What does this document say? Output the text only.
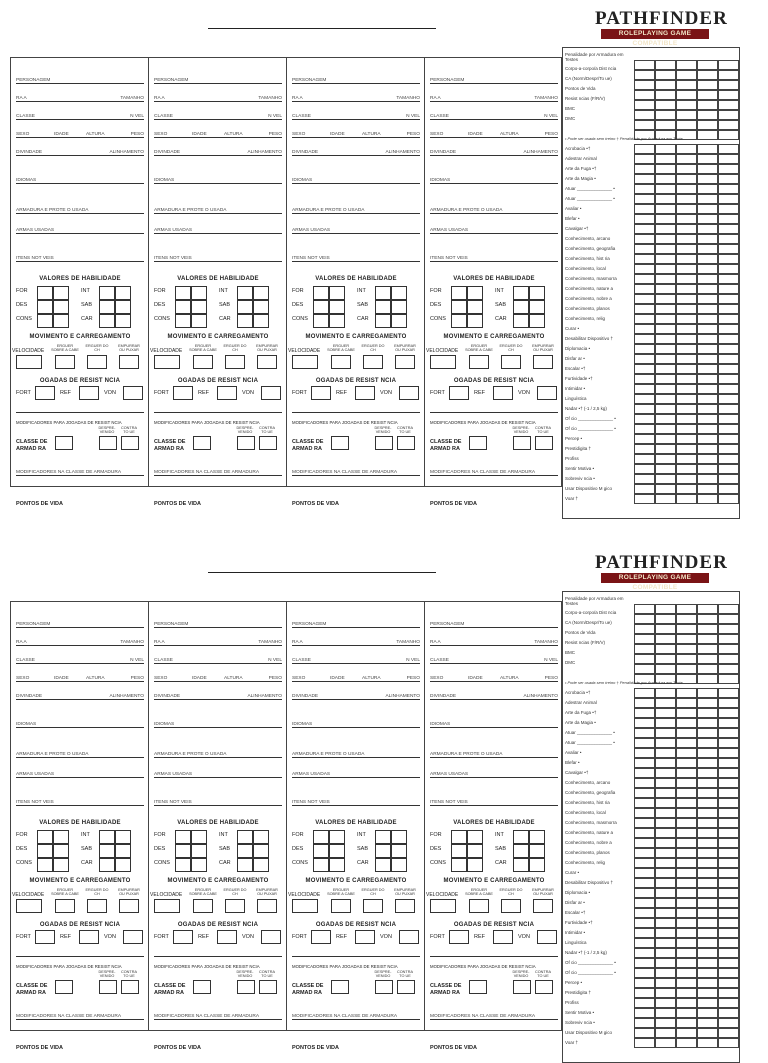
PATHFINDER
ROLEPLAYING GAME COMPATIBLE
PERSONAGEM
RA A	TAMANHO
CLASSE	N VEL
SEXO	IDADE	ALTURA	PESO
DIVINDADE	ALINHAMENTO
IDIOMAS
ARMADURA E PROTE O USADA
ARMAS USADAS
ITENS NOT VEIS
VALORES DE HABILIDADE
FOR
DES
CONS
INT
SAB
CAR
MOVIMENTO E CARREGAMENTO
VELOCIDADE
ERGUER SOBRE A CABE
ERGUER DO CH
EMPURRAR OU PUXAR
OGADAS DE RESIST NCIA
FORT	REF	VON
MODIFICADORES PARA JOGADAS DE RESIST NCIA
CLASSE DE
ARMAD RA
DESPRE- VENIDO
CONTRA TO UE
MODIFICADORES NA CLASSE DE ARMADURA
PONTOS DE VIDA
PERSONAGEM
RA A	TAMANHO
CLASSE	N VEL
SEXO	IDADE	ALTURA	PESO
DIVINDADE	ALINHAMENTO
IDIOMAS
ARMADURA E PROTE O USADA
ARMAS USADAS
ITENS NOT VEIS
VALORES DE HABILIDADE
FOR
DES
CONS
INT
SAB
CAR
MOVIMENTO E CARREGAMENTO
VELOCIDADE
ERGUER SOBRE A CABE
ERGUER DO CH
EMPURRAR OU PUXAR
OGADAS DE RESIST NCIA
FORT	REF	VON
MODIFICADORES PARA JOGADAS DE RESIST NCIA
CLASSE DE
ARMAD RA
DESPRE- VENIDO
CONTRA TO UE
MODIFICADORES NA CLASSE DE ARMADURA
PONTOS DE VIDA
PERSONAGEM
RA A	TAMANHO
CLASSE	N VEL
SEXO	IDADE	ALTURA	PESO
DIVINDADE	ALINHAMENTO
IDIOMAS
ARMADURA E PROTE O USADA
ARMAS USADAS
ITENS NOT VEIS
VALORES DE HABILIDADE
FOR
DES
CONS
INT
SAB
CAR
MOVIMENTO E CARREGAMENTO
VELOCIDADE
ERGUER SOBRE A CABE
ERGUER DO CH
EMPURRAR OU PUXAR
OGADAS DE RESIST NCIA
FORT	REF	VON
MODIFICADORES PARA JOGADAS DE RESIST NCIA
CLASSE DE
ARMAD RA
DESPRE- VENIDO
CONTRA TO UE
MODIFICADORES NA CLASSE DE ARMADURA
PONTOS DE VIDA
PERSONAGEM
RA A	TAMANHO
CLASSE	N VEL
SEXO	IDADE	ALTURA	PESO
DIVINDADE	ALINHAMENTO
IDIOMAS
ARMADURA E PROTE O USADA
ARMAS USADAS
ITENS NOT VEIS
VALORES DE HABILIDADE
FOR
DES
CONS
INT
SAB
CAR
MOVIMENTO E CARREGAMENTO
VELOCIDADE
ERGUER SOBRE A CABE
ERGUER DO CH
EMPURRAR OU PUXAR
OGADAS DE RESIST NCIA
FORT	REF	VON
MODIFICADORES PARA JOGADAS DE RESIST NCIA
CLASSE DE
ARMAD RA
DESPRE- VENIDO
CONTRA TO UE
MODIFICADORES NA CLASSE DE ARMADURA
PONTOS DE VIDA
Penalidade por Armadura em Testes
Corpo-a-corpo/a Dist ncia
CA (Norm/Despr/To ue)
Pontos de Vida
Resist ncias (F/R/V)
BMC
DMC
• Pode ser usada sem treino † Penalidade por Armadura em Teste
Acrobacia •†
Adestrar Animal
Arte da Fuga •†
Arte da Magia •
Atuar ______________ •
Atuar ______________ •
Avaliar •
Blefar •
Cavalgar •†
Conhecimento, arcano
Conhecimento, geografia
Conhecimento, hist ria
Conhecimento, local
Conhecimento, masmorra
Conhecimento, nature a
Conhecimento, nobre a
Conhecimento, planos
Conhecimento, relig
Curar •
Desabilitar Dispositivo †
Diplomacia •
Disfar ar •
Escalar •†
Furtividade •†
Intimidar •
Linguística
Nadar •† (-1 / 2,5 kg)
Of cio ______________ •
Of cio ______________ •
Percep •
Prestidigita †
Profiss
Sentir Motiva •
Sobreviv ncia •
Usar Dispositivo M gico
Voar †
PATHFINDER
ROLEPLAYING GAME COMPATIBLE
PERSONAGEM
RA A	TAMANHO
CLASSE	N VEL
SEXO	IDADE	ALTURA	PESO
DIVINDADE	ALINHAMENTO
IDIOMAS
ARMADURA E PROTE O USADA
ARMAS USADAS
ITENS NOT VEIS
VALORES DE HABILIDADE
FOR
DES
CONS
INT
SAB
CAR
MOVIMENTO E CARREGAMENTO
VELOCIDADE
ERGUER SOBRE A CABE
ERGUER DO CH
EMPURRAR OU PUXAR
OGADAS DE RESIST NCIA
FORT	REF	VON
MODIFICADORES PARA JOGADAS DE RESIST NCIA
CLASSE DE
ARMAD RA
DESPRE- VENIDO
CONTRA TO UE
MODIFICADORES NA CLASSE DE ARMADURA
PONTOS DE VIDA
PERSONAGEM
RA A	TAMANHO
CLASSE	N VEL
SEXO	IDADE	ALTURA	PESO
DIVINDADE	ALINHAMENTO
IDIOMAS
ARMADURA E PROTE O USADA
ARMAS USADAS
ITENS NOT VEIS
VALORES DE HABILIDADE
FOR
DES
CONS
INT
SAB
CAR
MOVIMENTO E CARREGAMENTO
VELOCIDADE
ERGUER SOBRE A CABE
ERGUER DO CH
EMPURRAR OU PUXAR
OGADAS DE RESIST NCIA
FORT	REF	VON
MODIFICADORES PARA JOGADAS DE RESIST NCIA
CLASSE DE
ARMAD RA
DESPRE- VENIDO
CONTRA TO UE
MODIFICADORES NA CLASSE DE ARMADURA
PONTOS DE VIDA
PERSONAGEM
RA A	TAMANHO
CLASSE	N VEL
SEXO	IDADE	ALTURA	PESO
DIVINDADE	ALINHAMENTO
IDIOMAS
ARMADURA E PROTE O USADA
ARMAS USADAS
ITENS NOT VEIS
VALORES DE HABILIDADE
FOR
DES
CONS
INT
SAB
CAR
MOVIMENTO E CARREGAMENTO
VELOCIDADE
ERGUER SOBRE A CABE
ERGUER DO CH
EMPURRAR OU PUXAR
OGADAS DE RESIST NCIA
FORT	REF	VON
MODIFICADORES PARA JOGADAS DE RESIST NCIA
CLASSE DE
ARMAD RA
DESPRE- VENIDO
CONTRA TO UE
MODIFICADORES NA CLASSE DE ARMADURA
PONTOS DE VIDA
PERSONAGEM
RA A	TAMANHO
CLASSE	N VEL
SEXO	IDADE	ALTURA	PESO
DIVINDADE	ALINHAMENTO
IDIOMAS
ARMADURA E PROTE O USADA
ARMAS USADAS
ITENS NOT VEIS
VALORES DE HABILIDADE
FOR
DES
CONS
INT
SAB
CAR
MOVIMENTO E CARREGAMENTO
VELOCIDADE
ERGUER SOBRE A CABE
ERGUER DO CH
EMPURRAR OU PUXAR
OGADAS DE RESIST NCIA
FORT	REF	VON
MODIFICADORES PARA JOGADAS DE RESIST NCIA
CLASSE DE
ARMAD RA
DESPRE- VENIDO
CONTRA TO UE
MODIFICADORES NA CLASSE DE ARMADURA
PONTOS DE VIDA
Penalidade por Armadura em Testes
Corpo-a-corpo/a Dist ncia
CA (Norm/Despr/To ue)
Pontos de Vida
Resist ncias (F/R/V)
BMC
DMC
• Pode ser usada sem treino † Penalidade por Armadura em Teste
Acrobacia •†
Adestrar Animal
Arte da Fuga •†
Arte da Magia •
Atuar ______________ •
Atuar ______________ •
Avaliar •
Blefar •
Cavalgar •†
Conhecimento, arcano
Conhecimento, geografia
Conhecimento, hist ria
Conhecimento, local
Conhecimento, masmorra
Conhecimento, nature a
Conhecimento, nobre a
Conhecimento, planos
Conhecimento, relig
Curar •
Desabilitar Dispositivo †
Diplomacia •
Disfar ar •
Escalar •†
Furtividade •†
Intimidar •
Linguística
Nadar •† (-1 / 2,5 kg)
Of cio ______________ •
Of cio ______________ •
Percep •
Prestidigita †
Profiss
Sentir Motiva •
Sobreviv ncia •
Usar Dispositivo M gico
Voar †
